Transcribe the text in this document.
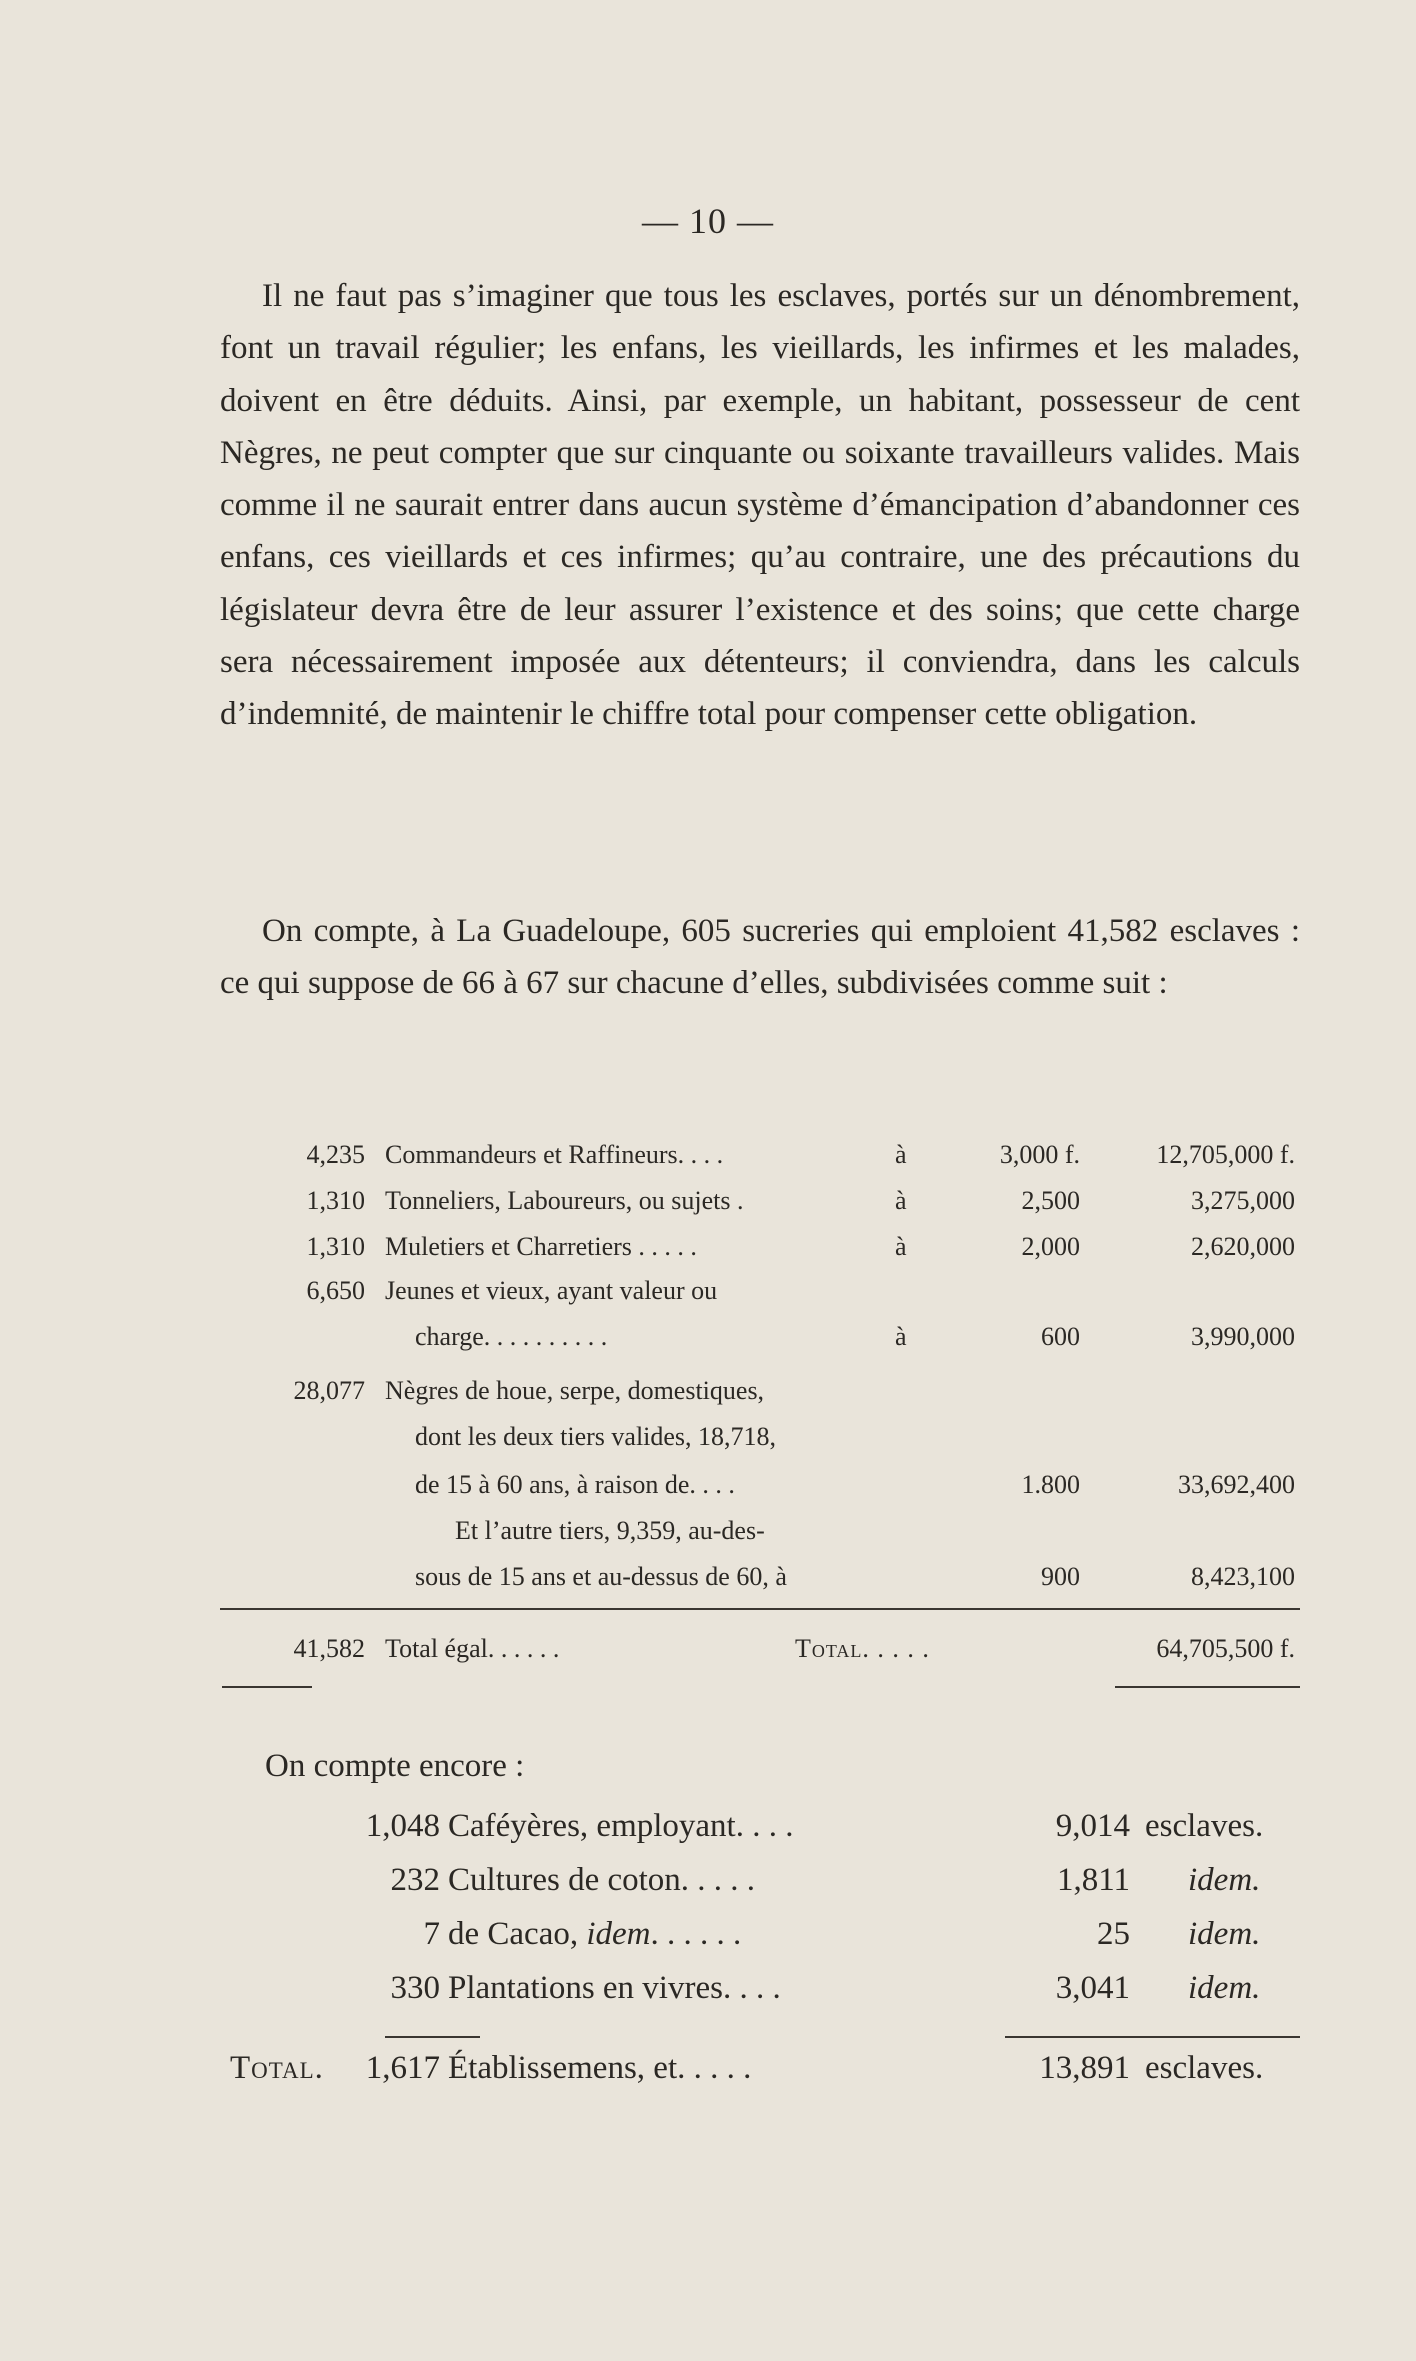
— 10 —
Il ne faut pas s’imaginer que tous les esclaves, portés sur un dénombrement, font un travail régulier; les enfans, les vieillards, les infirmes et les malades, doivent en être déduits. Ainsi, par exemple, un habitant, possesseur de cent Nègres, ne peut compter que sur cinquante ou soixante travailleurs valides. Mais comme il ne saurait entrer dans aucun système d’émancipation d’abandonner ces enfans, ces vieillards et ces infirmes; qu’au contraire, une des précautions du législateur devra être de leur assurer l’existence et des soins; que cette charge sera nécessairement imposée aux détenteurs; il conviendra, dans les calculs d’indemnité, de maintenir le chiffre total pour compenser cette obligation.
On compte, à La Guadeloupe, 605 sucreries qui emploient 41,582 esclaves : ce qui suppose de 66 à 67 sur chacune d’elles, subdivisées comme suit :
4,235 Commandeurs et Raffineurs. . . .	à	3,000 f.	12,705,000 f.
1,310 Tonneliers, Laboureurs, ou sujets .	à	2,500	3,275,000
1,310 Muletiers et Charretiers . . . . .	à	2,000	2,620,000
6,650 Jeunes et vieux, ayant valeur ou
charge. . . . . . . . . .	à	600	3,990,000
28,077 Nègres de houe, serpe, domestiques,
dont les deux tiers valides, 18,718,
de 15 à 60 ans, à raison de. . . .	1.800	33,692,400
Et l’autre tiers, 9,359, au-des-
sous de 15 ans et au-dessus de 60, à	900	8,423,100
41,582 Total égal. . . . . .	Total. . . . .	64,705,500 f.
On compte encore :
1,048 Caféyères, employant. . . .	9,014 esclaves.
232 Cultures de coton. . . . .	1,811 idem.
7 de Cacao, idem. . . . . .	25 idem.
330 Plantations en vivres. . . .	3,041 idem.
Total.	1,617 Établissemens, et. . . . .	13,891 esclaves.
